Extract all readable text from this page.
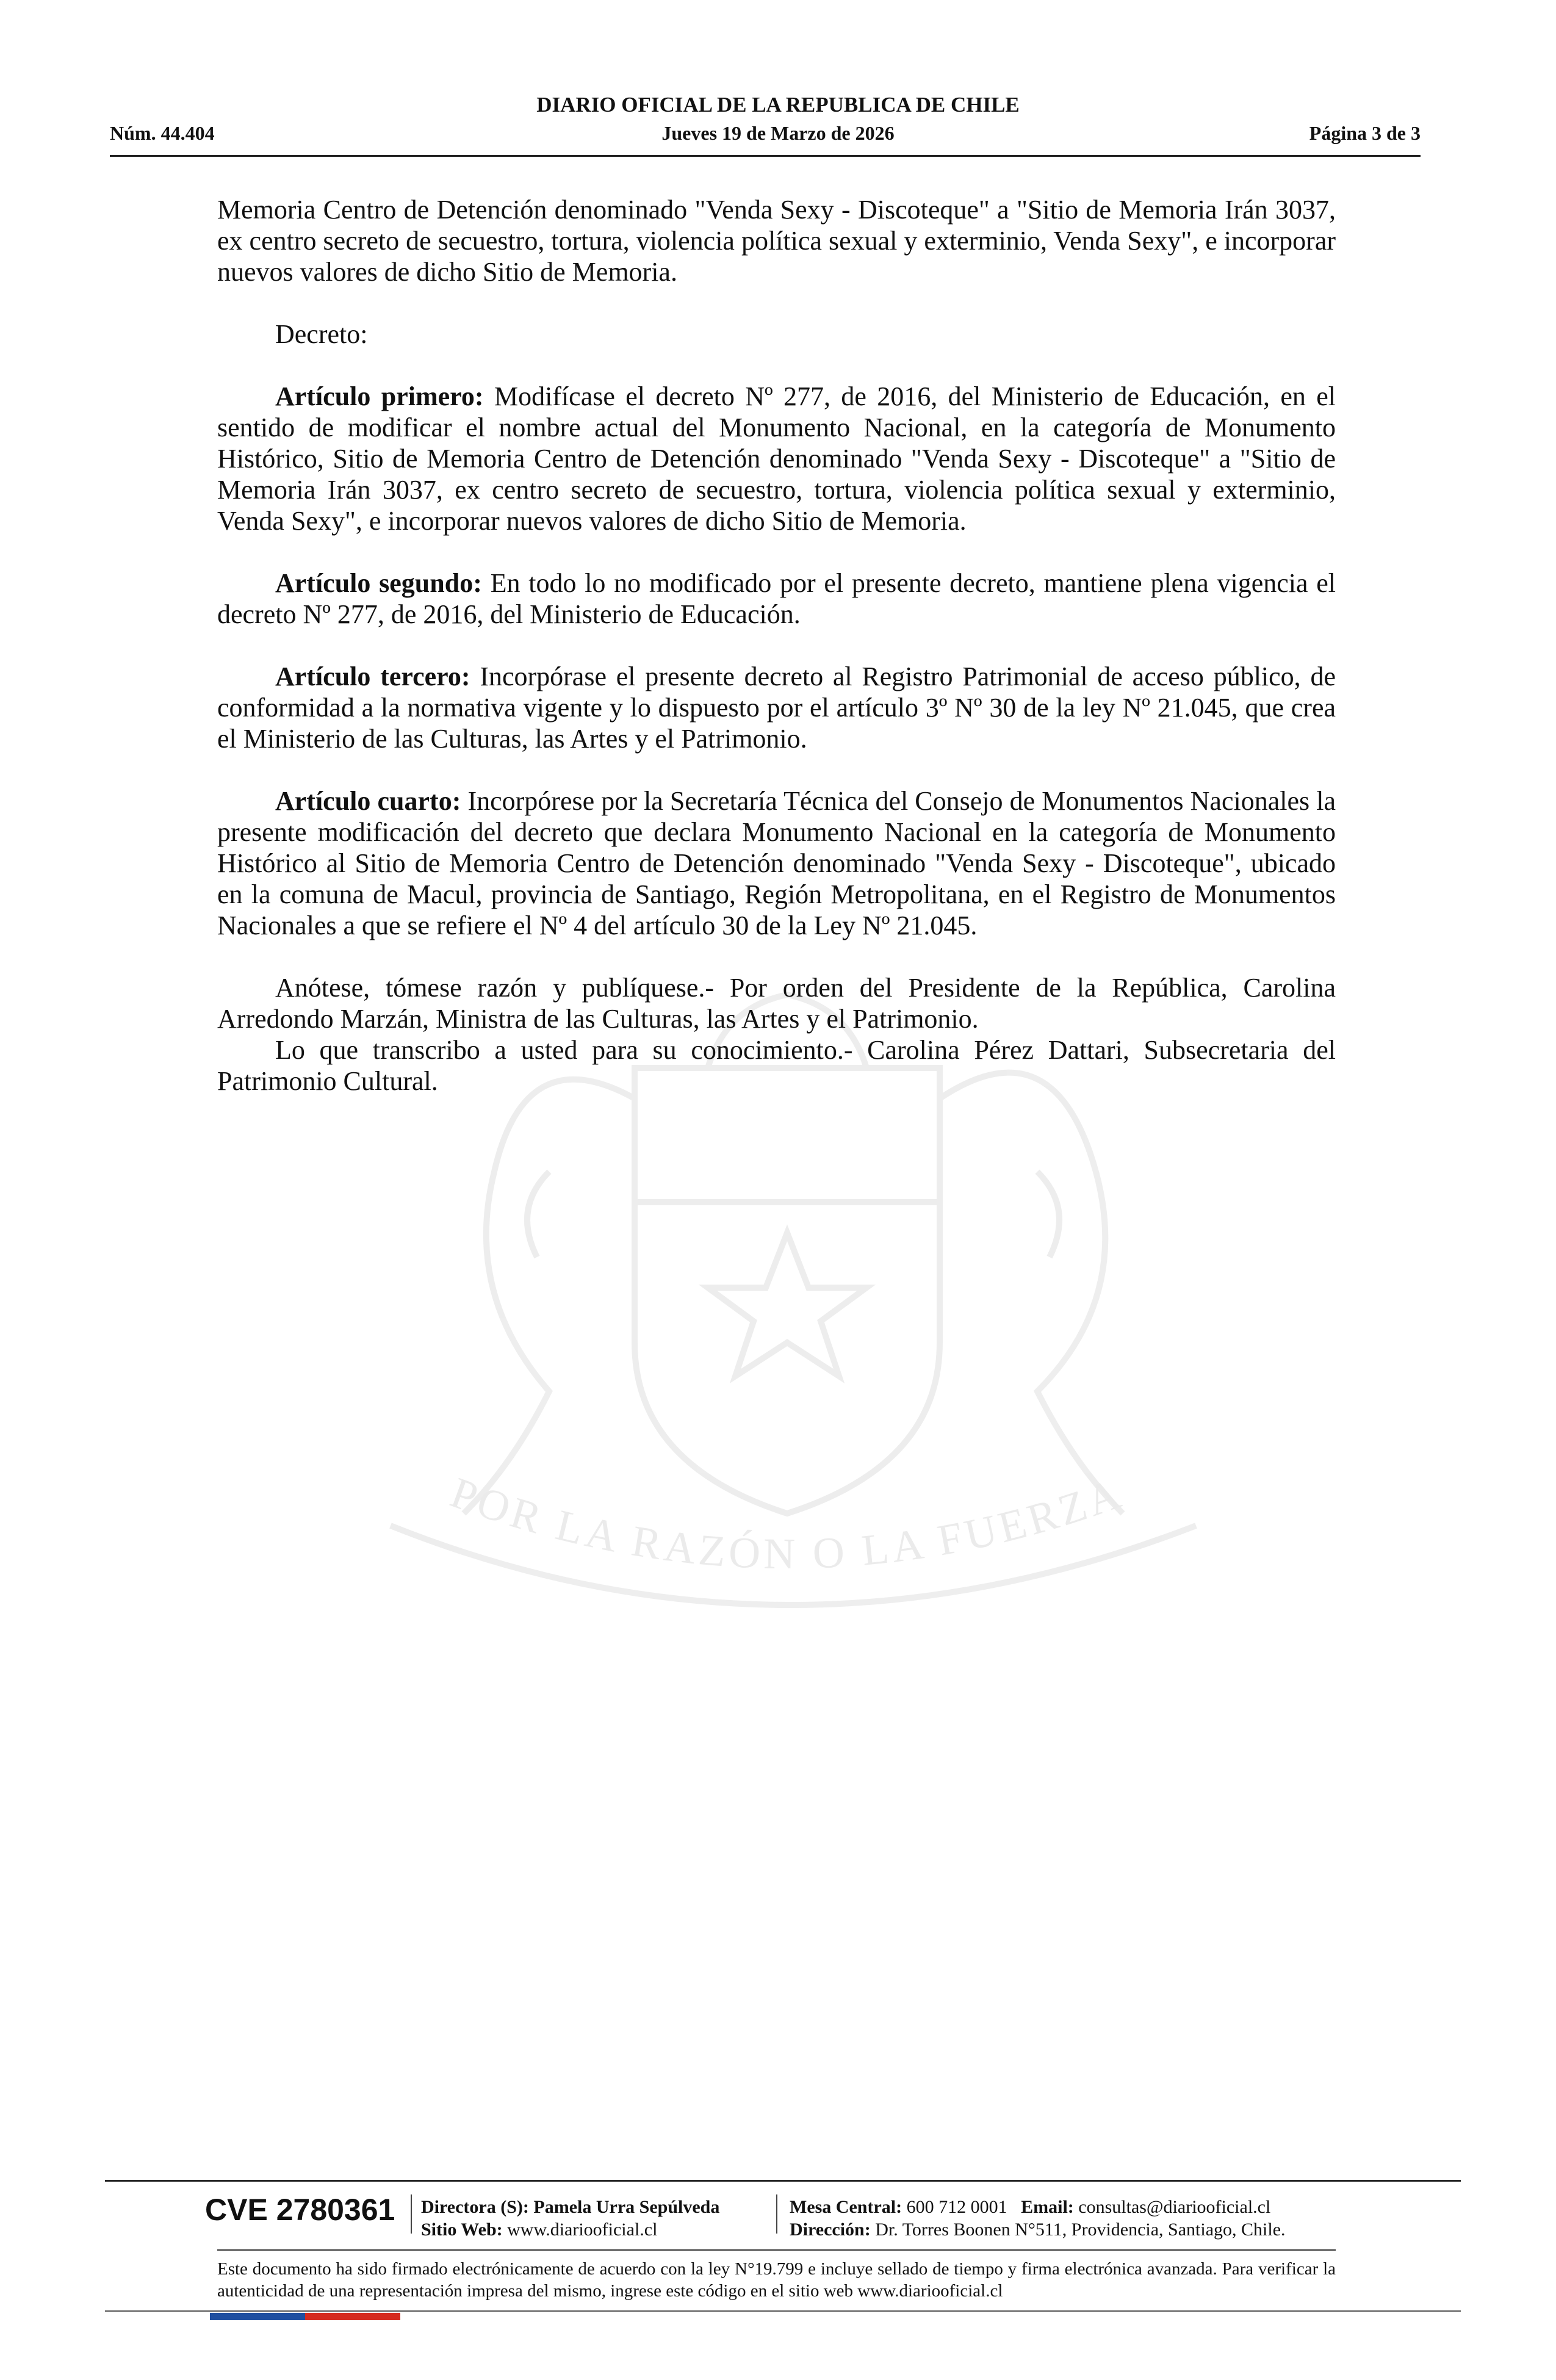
DIARIO OFICIAL DE LA REPUBLICA DE CHILE
Núm. 44.404	Jueves 19 de Marzo de 2026	Página 3 de 3
POR LA RAZÓN O LA FUERZA

Memoria Centro de Detención denominado "Venda Sexy - Discoteque" a "Sitio de Memoria Irán 3037, ex centro secreto de secuestro, tortura, violencia política sexual y exterminio, Venda Sexy", e incorporar nuevos valores de dicho Sitio de Memoria.

Decreto:

Artículo primero: Modifícase el decreto Nº 277, de 2016, del Ministerio de Educación, en el sentido de modificar el nombre actual del Monumento Nacional, en la categoría de Monumento Histórico, Sitio de Memoria Centro de Detención denominado "Venda Sexy - Discoteque" a "Sitio de Memoria Irán 3037, ex centro secreto de secuestro, tortura, violencia política sexual y exterminio, Venda Sexy", e incorporar nuevos valores de dicho Sitio de Memoria.

Artículo segundo: En todo lo no modificado por el presente decreto, mantiene plena vigencia el decreto Nº 277, de 2016, del Ministerio de Educación.

Artículo tercero: Incorpórase el presente decreto al Registro Patrimonial de acceso público, de conformidad a la normativa vigente y lo dispuesto por el artículo 3º Nº 30 de la ley Nº 21.045, que crea el Ministerio de las Culturas, las Artes y el Patrimonio.

Artículo cuarto: Incorpórese por la Secretaría Técnica del Consejo de Monumentos Nacionales la presente modificación del decreto que declara Monumento Nacional en la categoría de Monumento Histórico al Sitio de Memoria Centro de Detención denominado "Venda Sexy - Discoteque", ubicado en la comuna de Macul, provincia de Santiago, Región Metropolitana, en el Registro de Monumentos Nacionales a que se refiere el Nº 4 del artículo 30 de la Ley Nº 21.045.

Anótese, tómese razón y publíquese.- Por orden del Presidente de la República, Carolina Arredondo Marzán, Ministra de las Culturas, las Artes y el Patrimonio.

Lo que transcribo a usted para su conocimiento.- Carolina Pérez Dattari, Subsecretaria del Patrimonio Cultural.

CVE 2780361 Directora (S): Pamela Urra Sepúlveda
Sitio Web: www.diariooficial.cl
Mesa Central: 600 712 0001 Email: consultas@diariooficial.cl
Dirección: Dr. Torres Boonen N°511, Providencia, Santiago, Chile.
Este documento ha sido firmado electrónicamente de acuerdo con la ley N°19.799 e incluye sellado de tiempo y firma electrónica avanzada. Para verificar la autenticidad de una representación impresa del mismo, ingrese este código en el sitio web www.diariooficial.cl
